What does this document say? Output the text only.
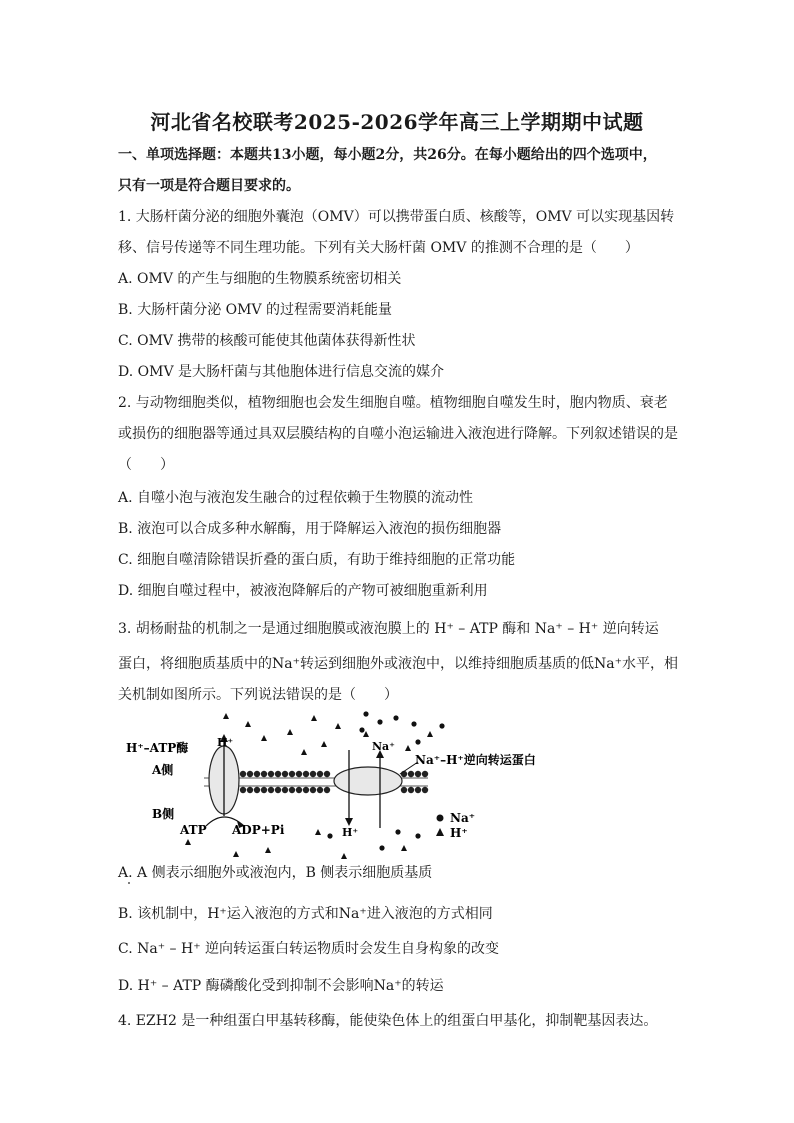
河北省名校联考2025-2026学年高三上学期期中试题
一、单项选择题：本题共13小题，每小题2分，共26分。在每小题给出的四个选项中，
只有一项是符合题目要求的。
1. 大肠杆菌分泌的细胞外囊泡（OMV）可以携带蛋白质、核酸等，OMV 可以实现基因转
移、信号传递等不同生理功能。下列有关大肠杆菌 OMV 的推测不合理的是（　　）
A. OMV 的产生与细胞的生物膜系统密切相关
B. 大肠杆菌分泌 OMV 的过程需要消耗能量
C. OMV 携带的核酸可能使其他菌体获得新性状
D. OMV 是大肠杆菌与其他胞体进行信息交流的媒介
2. 与动物细胞类似，植物细胞也会发生细胞自噬。植物细胞自噬发生时，胞内物质、衰老
或损伤的细胞器等通过具双层膜结构的自噬小泡运输进入液泡进行降解。下列叙述错误的是
（　　）
A. 自噬小泡与液泡发生融合的过程依赖于生物膜的流动性
B. 液泡可以合成多种水解酶，用于降解运入液泡的损伤细胞器
C. 细胞自噬清除错误折叠的蛋白质，有助于维持细胞的正常功能
D. 细胞自噬过程中，被液泡降解后的产物可被细胞重新利用
3. 胡杨耐盐的机制之一是通过细胞膜或液泡膜上的 H⁺ – ATP 酶和 Na⁺ – H⁺ 逆向转运
蛋白，将细胞质基质中的Na⁺转运到细胞外或液泡中，以维持细胞质基质的低Na⁺水平，相
关机制如图所示。下列说法错误的是（　　）
H⁺–ATP酶	H⁺
A侧
B侧
Na⁺
Na⁺–H⁺逆向转运蛋白
ATP ADP+Pi	H⁺
Na⁺
H⁺
A. A 侧表示细胞外或液泡内，B 侧表示细胞质基质
B. 该机制中，H⁺运入液泡的方式和Na⁺进入液泡的方式相同
C. Na⁺ – H⁺ 逆向转运蛋白转运物质时会发生自身构象的改变
D. H⁺ – ATP 酶磷酸化受到抑制不会影响Na⁺的转运
4. EZH2 是一种组蛋白甲基转移酶，能使染色体上的组蛋白甲基化，抑制靶基因表达。
